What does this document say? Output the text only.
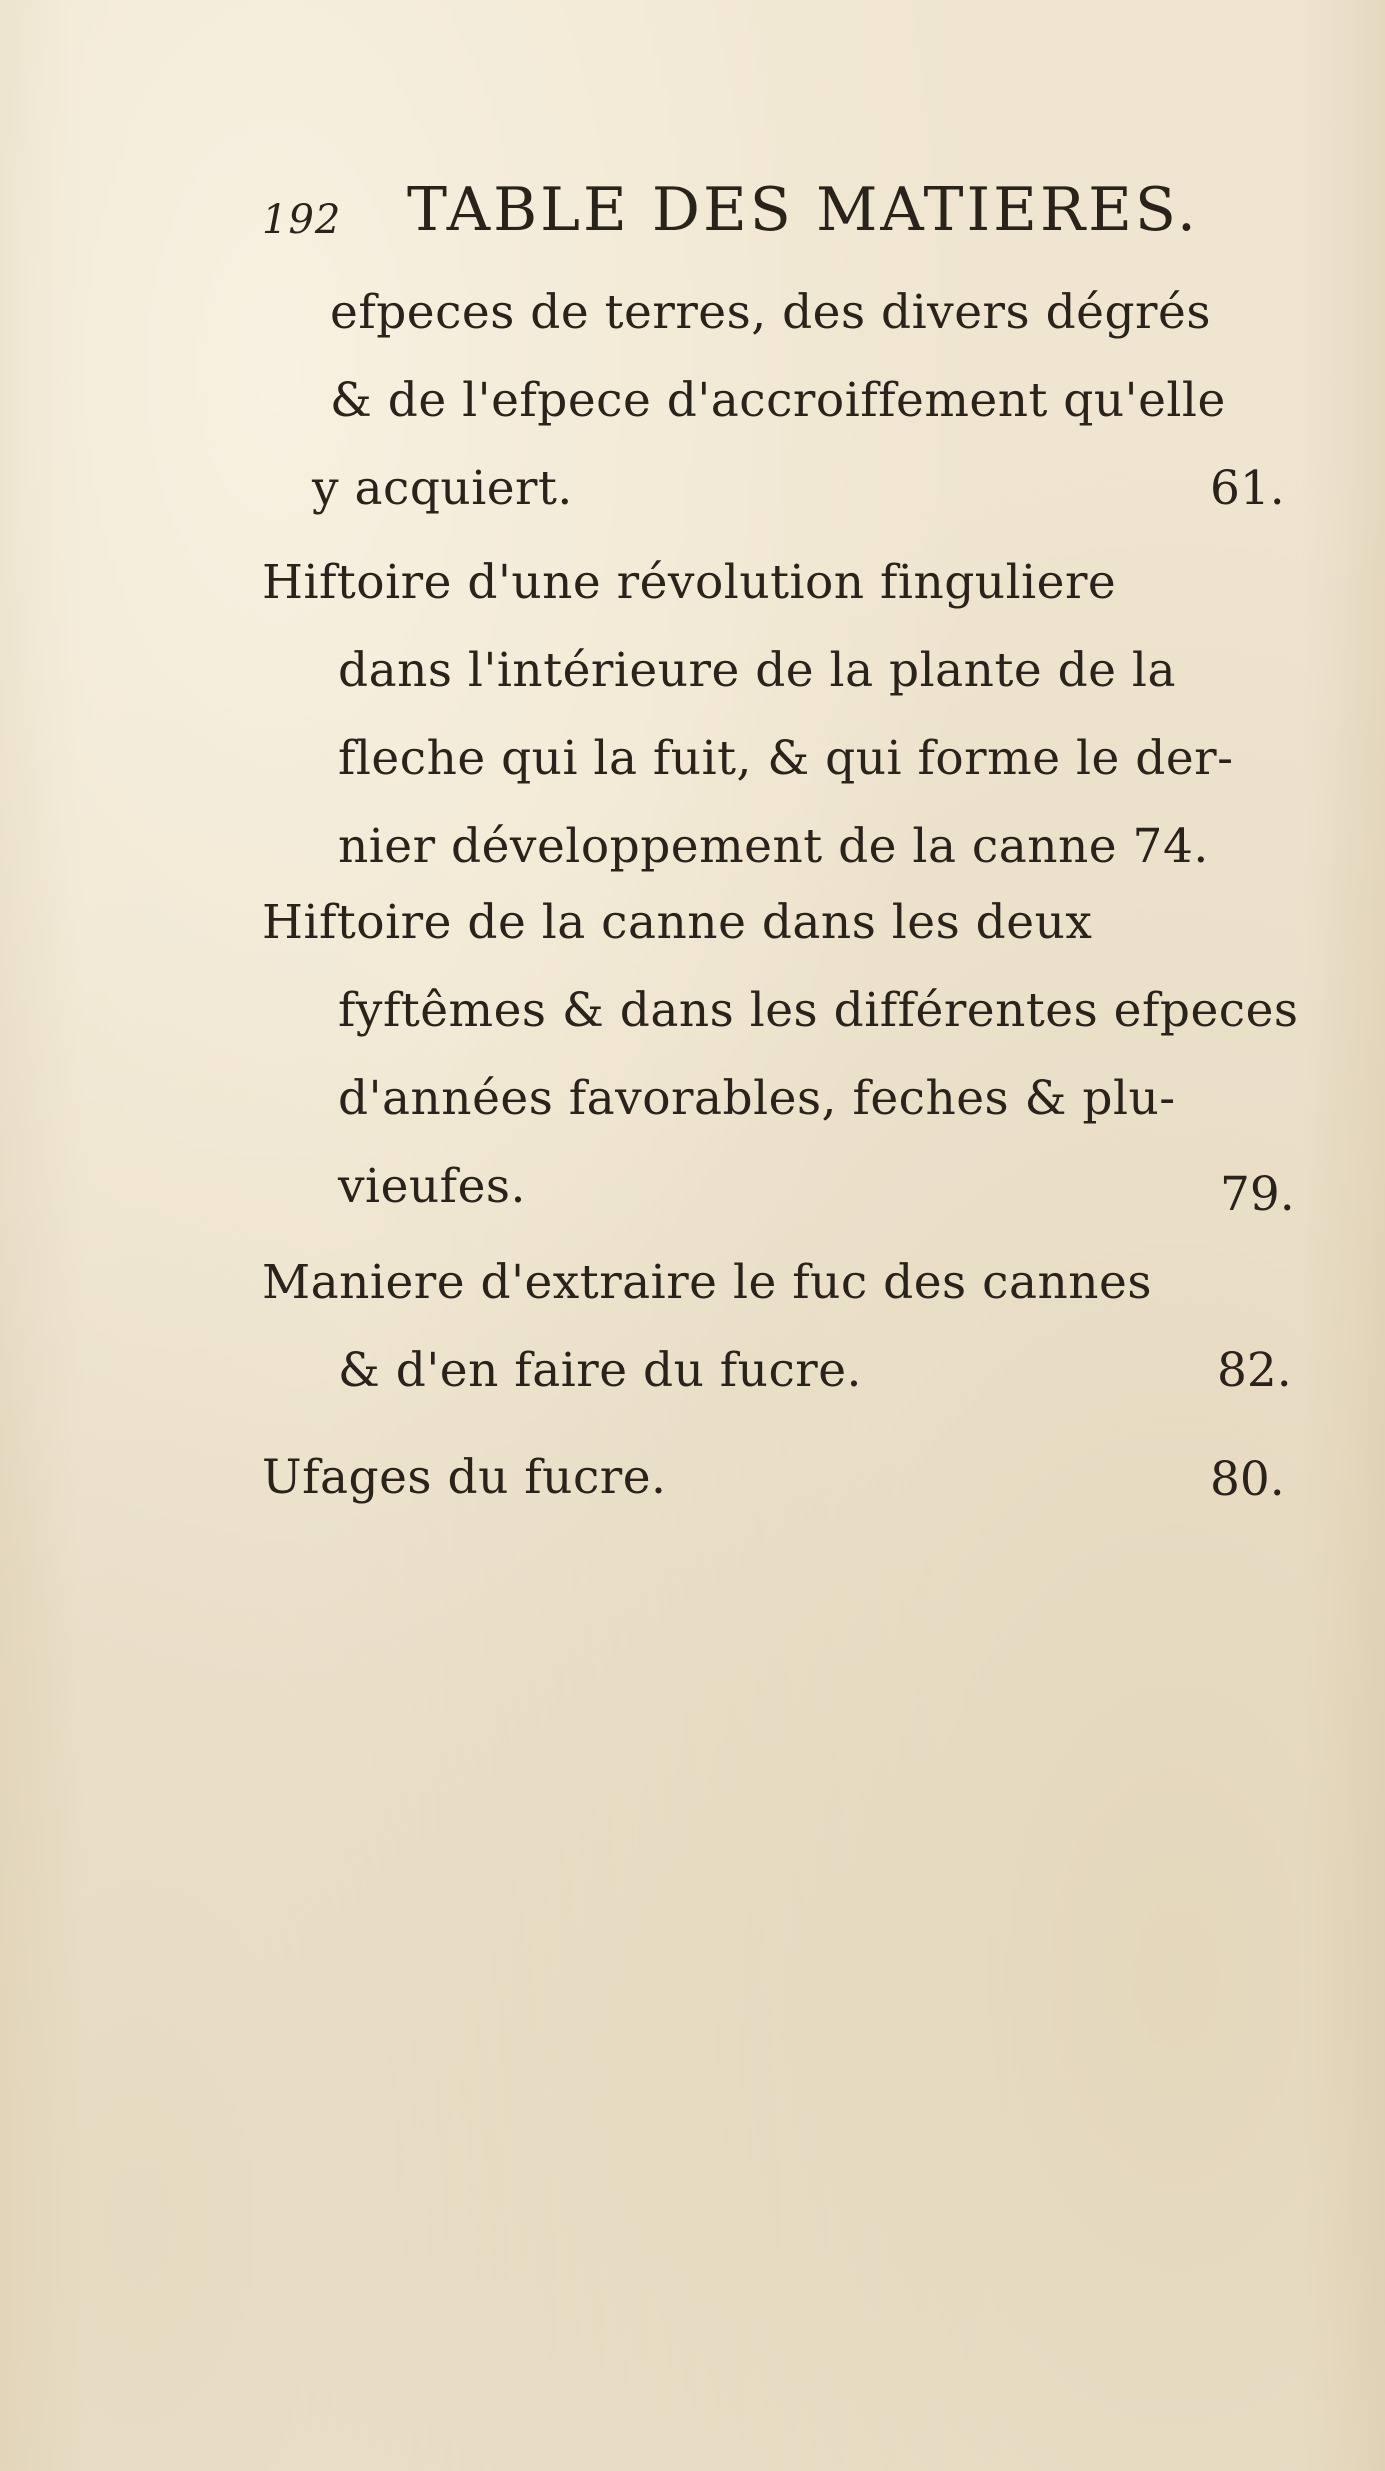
192 TABLE DES MATIERES.
efpeces de terres, des divers dégrés
& de l'efpece d'accroiffement qu'elle
y acquiert.	61.
Hiftoire d'une révolution finguliere
dans l'intérieure de la plante de la
fleche qui la fuit, & qui forme le der-
nier développement de la canne 74.
Hiftoire de la canne dans les deux
fyftêmes & dans les différentes efpeces
d'années favorables, feches & plu-
vieufes.	79.
Maniere d'extraire le fuc des cannes
& d'en faire du fucre.	82.
Ufages du fucre.	80.
